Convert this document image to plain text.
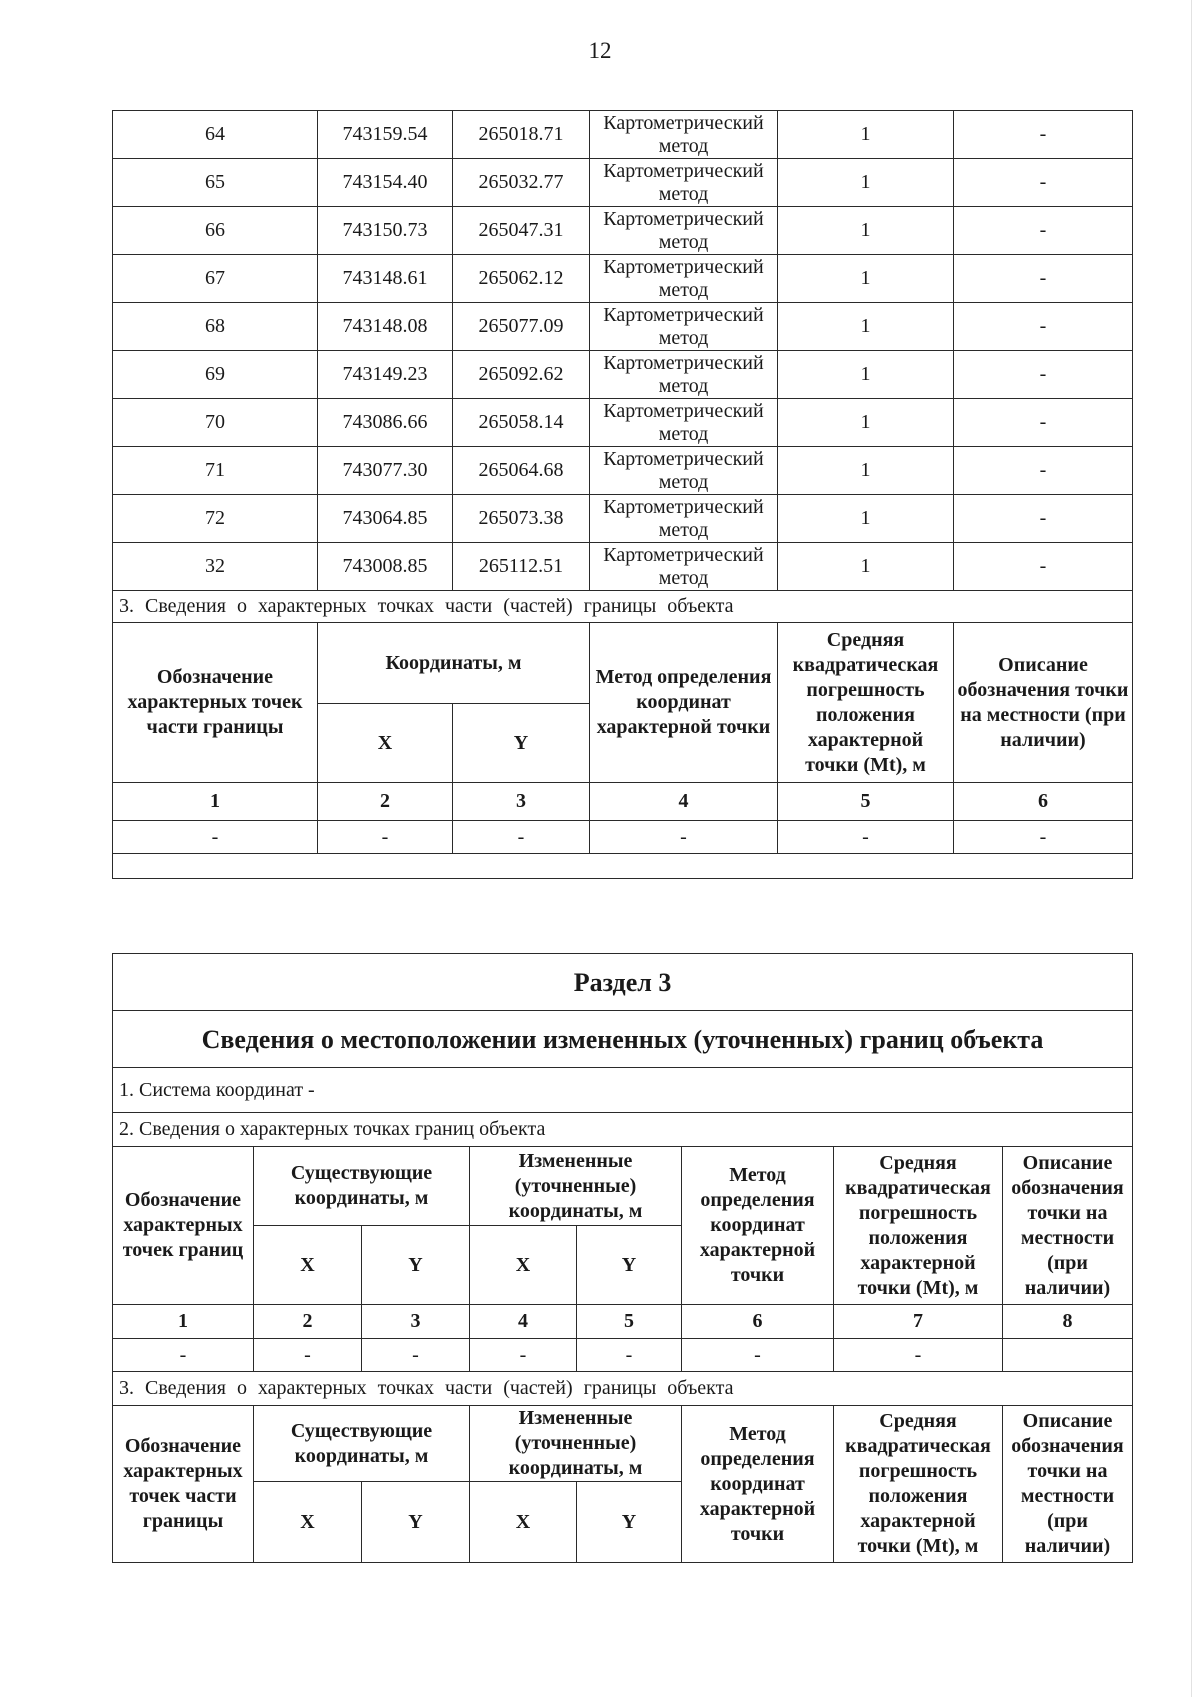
12
64	743159.54	265018.71	Картометрический метод	1	-
65	743154.40	265032.77	Картометрический метод	1	-
66	743150.73	265047.31	Картометрический метод	1	-
67	743148.61	265062.12	Картометрический метод	1	-
68	743148.08	265077.09	Картометрический метод	1	-
69	743149.23	265092.62	Картометрический метод	1	-
70	743086.66	265058.14	Картометрический метод	1	-
71	743077.30	265064.68	Картометрический метод	1	-
72	743064.85	265073.38	Картометрический метод	1	-
32	743008.85	265112.51	Картометрический метод	1	-
3. Сведения о характерных точках части (частей) границы объекта					
Обозначение характерных точек части границы	Координаты, м		Метод определения координат характерной точки	Средняя квадратическая погрешность положения характерной точки (Mt), м	Описание обозначения точки на местности (при наличии)
	X	Y			
1	2	3	4	5	6
-	-	-	-	-	-

Раздел 3							
Сведения о местоположении измененных (уточненных) границ объекта							
1. Система координат -							
2. Сведения о характерных точках границ объекта							
Обозначение характерных точек границ	Существующие координаты, м		Измененные (уточненные) координаты, м		Метод определения координат характерной точки	Средняя квадратическая погрешность положения характерной точки (Mt), м	Описание обозначения точки на местности (при наличии)
	X	Y	X	Y			
1	2	3	4	5	6	7	8
-	-	-	-	-	-	-	
3. Сведения о характерных точках части (частей) границы объекта							
Обозначение характерных точек части границы	Существующие координаты, м		Измененные (уточненные) координаты, м		Метод определения координат характерной точки	Средняя квадратическая погрешность положения характерной точки (Mt), м	Описание обозначения точки на местности (при наличии)
	X	Y	X	Y			
